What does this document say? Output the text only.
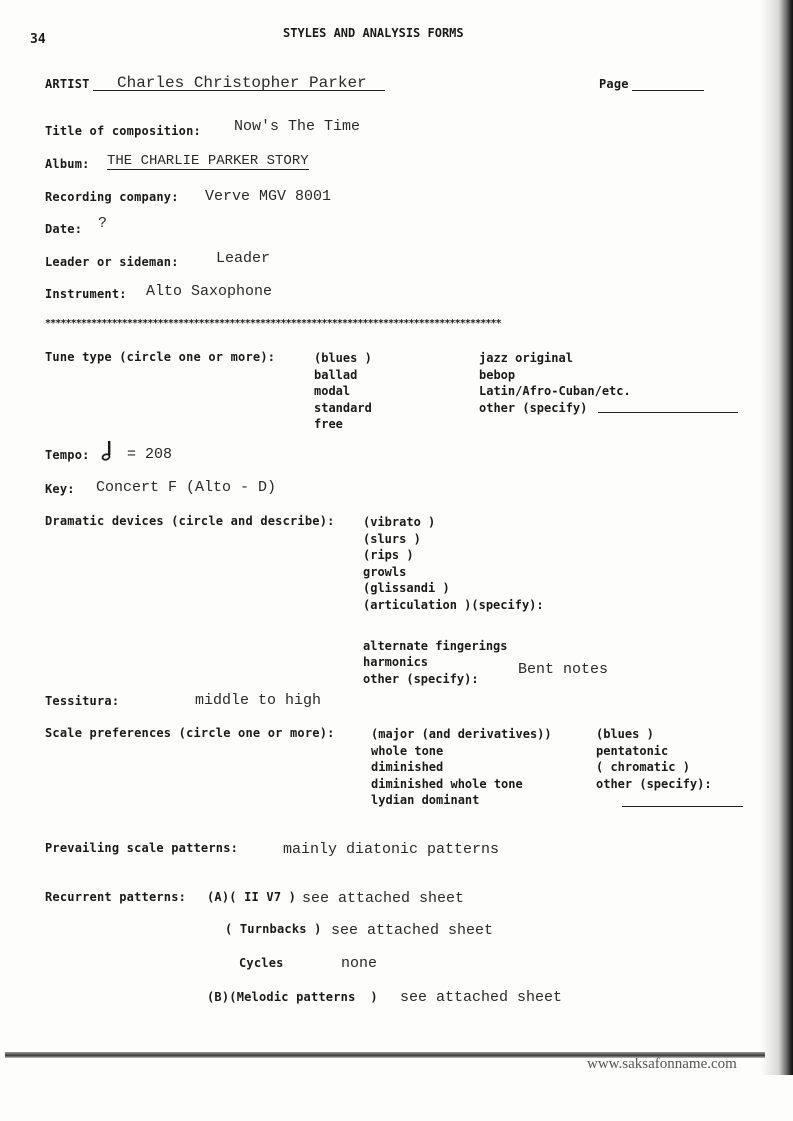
34	STYLES AND ANALYSIS FORMS
ARTIST Charles Christopher Parker	Page
Title of composition: Now's The Time
Album: THE CHARLIE PARKER STORY
Recording company: Verve MGV 8001
Date: ?
Leader or sideman: Leader
Instrument: Alto Saxophone
*****************************************************************************************
Tune type (circle one or more):	(blues )
ballad
modal
standard
free
jazz original
bebop
Latin/Afro-Cuban/etc.
other (specify)
Tempo: = 208
Key: Concert F (Alto - D)
Dramatic devices (circle and describe): (vibrato )
(slurs )
(rips )
growls
(glissandi )
(articulation )(specify):
alternate fingerings
harmonics
other (specify):
Bent notes
Tessitura:	middle to high
Scale preferences (circle one or more):	(major (and derivatives))
whole tone
diminished
diminished whole tone
lydian dominant
(blues )
pentatonic
( chromatic )
other (specify):
Prevailing scale patterns:	mainly diatonic patterns
Recurrent patterns: (A)( II V7 ) see attached sheet
( Turnbacks ) see attached sheet
Cycles	none
(B)(Melodic patterns  ) see attached sheet
www.saksafonname.com
